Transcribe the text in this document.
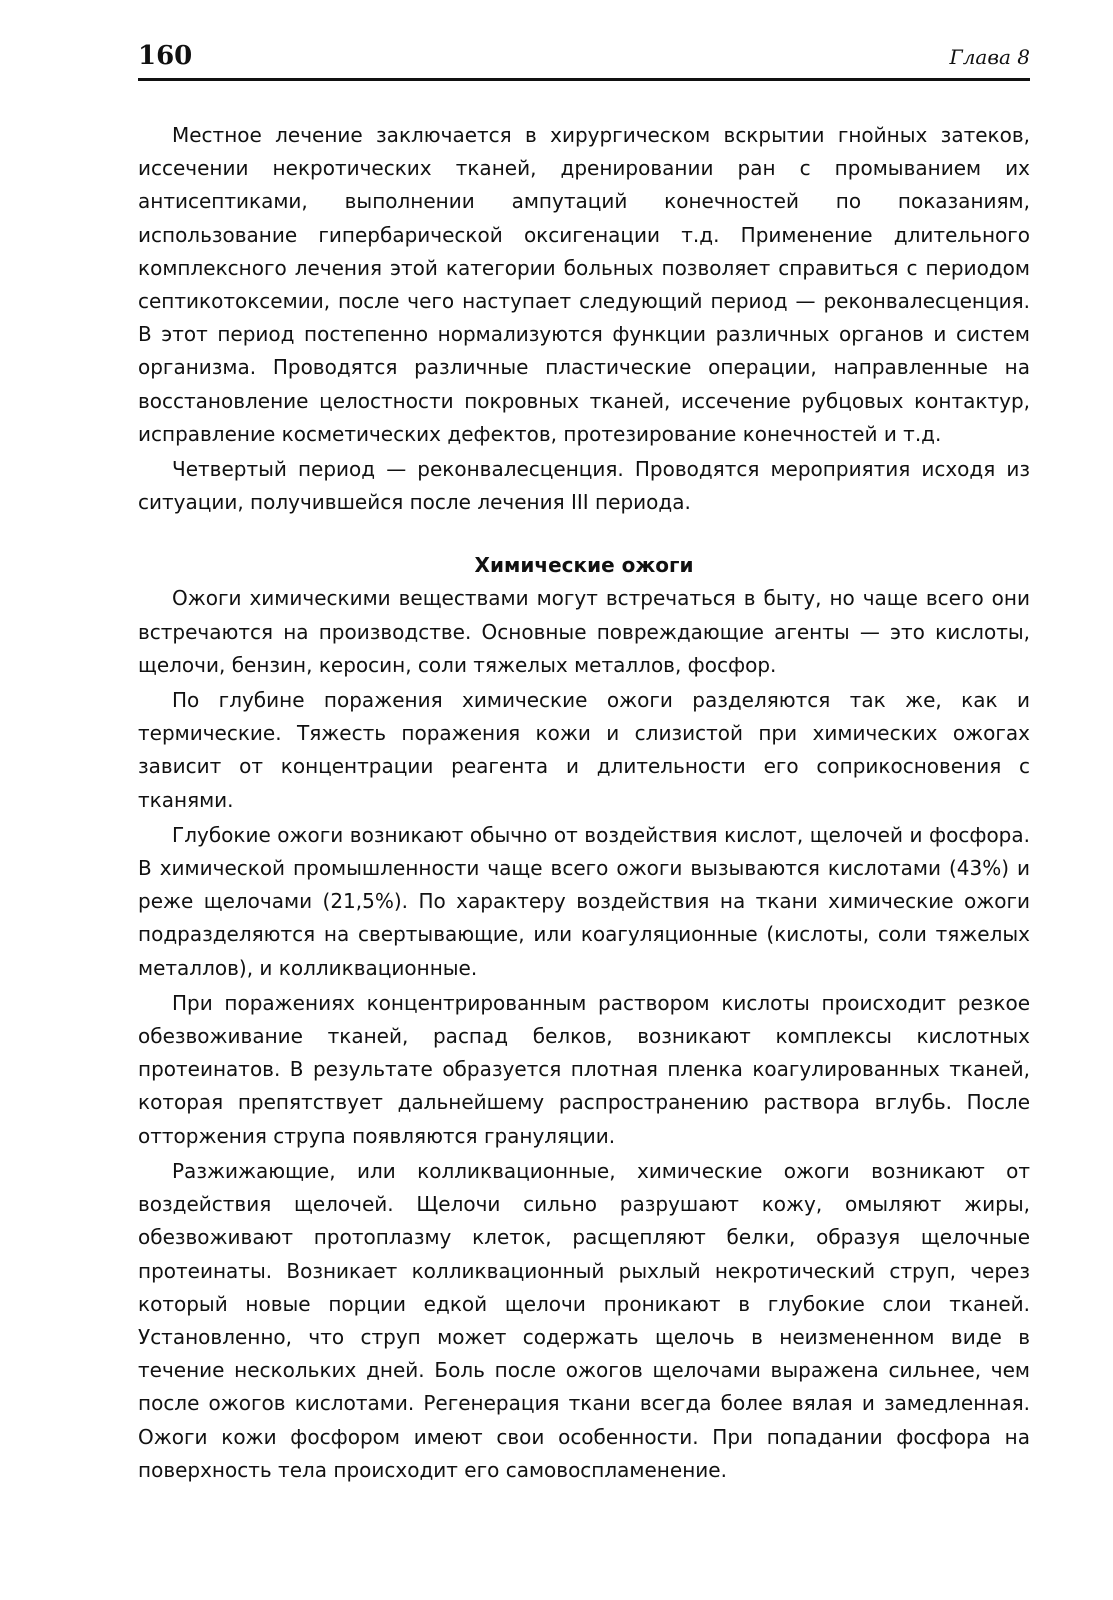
160	Глава 8

Местное лечение заключается в хирургическом вскрытии гнойных затеков, иссечении некротических тканей, дренировании ран с промыванием их антисептиками, выполнении ампутаций конечностей по показаниям, использование гипербарической оксигенации т.д. Применение длительного комплексного лечения этой категории больных позволяет справиться с периодом септикотоксемии, после чего наступает следующий период — реконвалесценция. В этот период постепенно нормализуются функции различных органов и систем организма. Проводятся различные пластические операции, направленные на восстановление целостности покровных тканей, иссечение рубцовых контактур, исправление косметических дефектов, протезирование конечностей и т.д.

Четвертый период — реконвалесценция. Проводятся мероприятия исходя из ситуации, получившейся после лечения III периода.

Химические ожоги

Ожоги химическими веществами могут встречаться в быту, но чаще всего они встречаются на производстве. Основные повреждающие агенты — это кислоты, щелочи, бензин, керосин, соли тяжелых металлов, фосфор.

По глубине поражения химические ожоги разделяются так же, как и термические. Тяжесть поражения кожи и слизистой при химических ожогах зависит от концентрации реагента и длительности его соприкосновения с тканями.

Глубокие ожоги возникают обычно от воздействия кислот, щелочей и фосфора. В химической промышленности чаще всего ожоги вызываются кислотами (43%) и реже щелочами (21,5%). По характеру воздействия на ткани химические ожоги подразделяются на свертывающие, или коагуляционные (кислоты, соли тяжелых металлов), и колликвационные.

При поражениях концентрированным раствором кислоты происходит резкое обезвоживание тканей, распад белков, возникают комплексы кислотных протеинатов. В результате образуется плотная пленка коагулированных тканей, которая препятствует дальнейшему распространению раствора вглубь. После отторжения струпа появляются грануляции.

Разжижающие, или колликвационные, химические ожоги возникают от воздействия щелочей. Щелочи сильно разрушают кожу, омыляют жиры, обезвоживают протоплазму клеток, расщепляют белки, образуя щелочные протеинаты. Возникает колликвационный рыхлый некротический струп, через который новые порции едкой щелочи проникают в глубокие слои тканей. Установленно, что струп может содержать щелочь в неизмененном виде в течение нескольких дней. Боль после ожогов щелочами выражена сильнее, чем после ожогов кислотами. Регенерация ткани всегда более вялая и замедленная. Ожоги кожи фосфором имеют свои особенности. При попадании фосфора на поверхность тела происходит его самовоспламенение.
